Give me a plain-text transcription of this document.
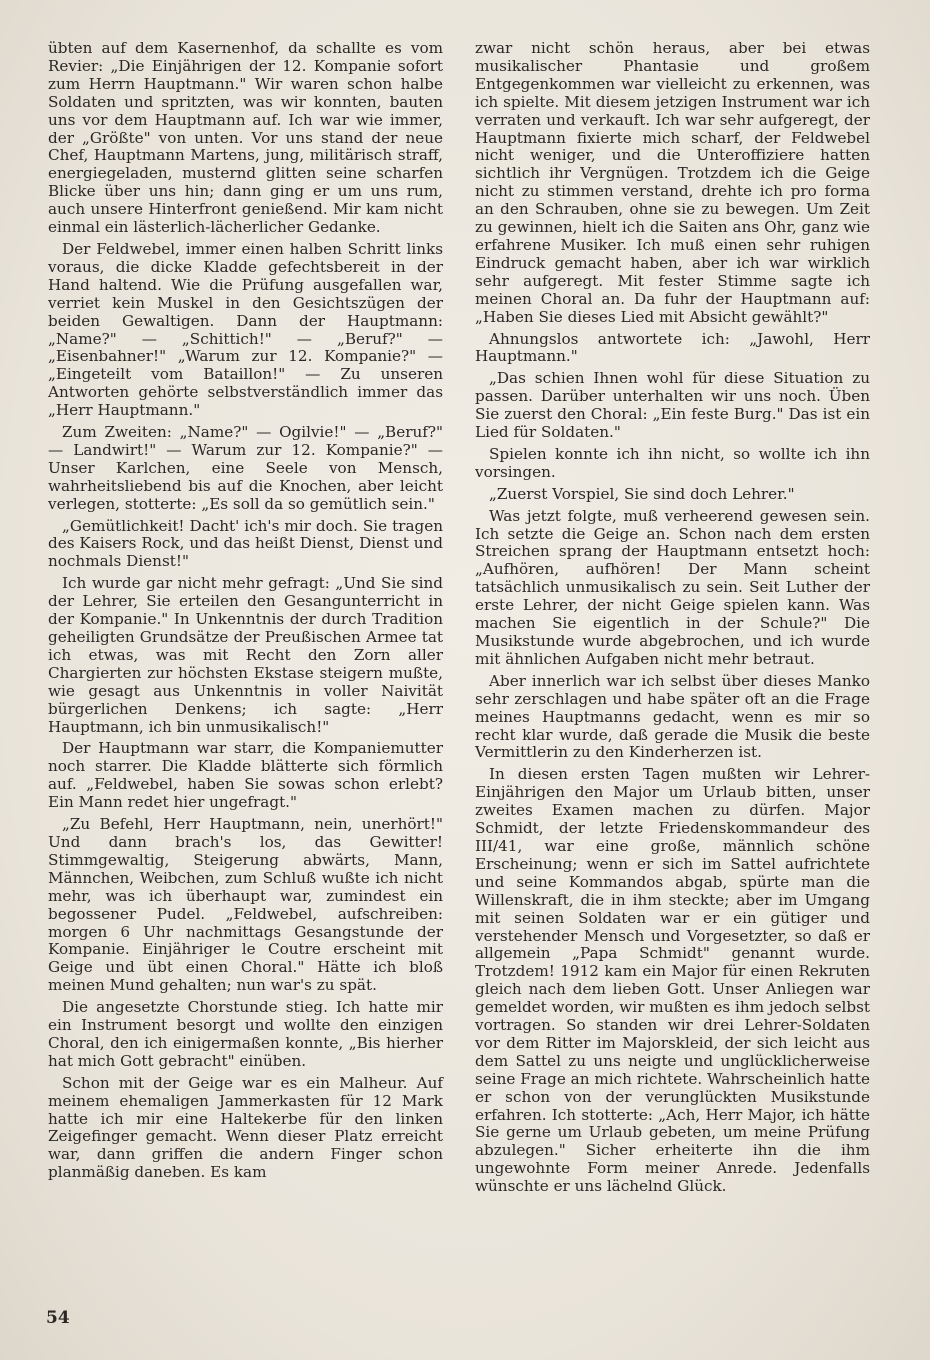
übten auf dem Kasernenhof, da schallte es vom Revier: „Die Einjährigen der 12. Kompanie sofort zum Herrn Hauptmann." Wir waren schon halbe Soldaten und spritzten, was wir konnten, bauten uns vor dem Hauptmann auf. Ich war wie immer, der „Größte" von unten. Vor uns stand der neue Chef, Hauptmann Martens, jung, militärisch straff, energiegeladen, musternd glitten seine scharfen Blicke über uns hin; dann ging er um uns rum, auch unsere Hinterfront genießend. Mir kam nicht einmal ein lästerlich-lächerlicher Gedanke.

Der Feldwebel, immer einen halben Schritt links voraus, die dicke Kladde gefechtsbereit in der Hand haltend. Wie die Prüfung ausgefallen war, verriet kein Muskel in den Gesichtszügen der beiden Gewaltigen. Dann der Hauptmann: „Name?" — „Schittich!" — „Beruf?" — „Eisenbahner!" „Warum zur 12. Kompanie?" — „Eingeteilt vom Bataillon!" — Zu unseren Antworten gehörte selbstverständlich immer das „Herr Hauptmann."

Zum Zweiten: „Name?" — Ogilvie!" — „Beruf?" — Landwirt!" — Warum zur 12. Kompanie?" — Unser Karlchen, eine Seele von Mensch, wahrheitsliebend bis auf die Knochen, aber leicht verlegen, stotterte: „Es soll da so gemütlich sein."

„Gemütlichkeit! Dacht' ich's mir doch. Sie tragen des Kaisers Rock, und das heißt Dienst, Dienst und nochmals Dienst!"

Ich wurde gar nicht mehr gefragt: „Und Sie sind der Lehrer, Sie erteilen den Gesangunterricht in der Kompanie." In Unkenntnis der durch Tradition geheiligten Grundsätze der Preußischen Armee tat ich etwas, was mit Recht den Zorn aller Chargierten zur höchsten Ekstase steigern mußte, wie gesagt aus Unkenntnis in voller Naivität bürgerlichen Denkens; ich sagte: „Herr Hauptmann, ich bin unmusikalisch!"

Der Hauptmann war starr, die Kompaniemutter noch starrer. Die Kladde blätterte sich förmlich auf. „Feldwebel, haben Sie sowas schon erlebt? Ein Mann redet hier ungefragt."

„Zu Befehl, Herr Hauptmann, nein, unerhört!" Und dann brach's los, das Gewitter! Stimmgewaltig, Steigerung abwärts, Mann, Männchen, Weibchen, zum Schluß wußte ich nicht mehr, was ich überhaupt war, zumindest ein begossener Pudel. „Feldwebel, aufschreiben: morgen 6 Uhr nachmittags Gesangstunde der Kompanie. Einjähriger le Coutre erscheint mit Geige und übt einen Choral." Hätte ich bloß meinen Mund gehalten; nun war's zu spät.

Die angesetzte Chorstunde stieg. Ich hatte mir ein Instrument besorgt und wollte den einzigen Choral, den ich einigermaßen konnte, „Bis hierher hat mich Gott gebracht" einüben.

Schon mit der Geige war es ein Malheur. Auf meinem ehemaligen Jammerkasten für 12 Mark hatte ich mir eine Haltekerbe für den linken Zeigefinger gemacht. Wenn dieser Platz erreicht war, dann griffen die andern Finger schon planmäßig daneben. Es kam

zwar nicht schön heraus, aber bei etwas musikalischer Phantasie und großem Entgegenkommen war vielleicht zu erkennen, was ich spielte. Mit diesem jetzigen Instrument war ich verraten und verkauft. Ich war sehr aufgeregt, der Hauptmann fixierte mich scharf, der Feldwebel nicht weniger, und die Unteroffiziere hatten sichtlich ihr Vergnügen. Trotzdem ich die Geige nicht zu stimmen verstand, drehte ich pro forma an den Schrauben, ohne sie zu bewegen. Um Zeit zu gewinnen, hielt ich die Saiten ans Ohr, ganz wie erfahrene Musiker. Ich muß einen sehr ruhigen Eindruck gemacht haben, aber ich war wirklich sehr aufgeregt. Mit fester Stimme sagte ich meinen Choral an. Da fuhr der Hauptmann auf: „Haben Sie dieses Lied mit Absicht gewählt?"

Ahnungslos antwortete ich: „Jawohl, Herr Hauptmann."

„Das schien Ihnen wohl für diese Situation zu passen. Darüber unterhalten wir uns noch. Üben Sie zuerst den Choral: „Ein feste Burg." Das ist ein Lied für Soldaten."

Spielen konnte ich ihn nicht, so wollte ich ihn vorsingen.

„Zuerst Vorspiel, Sie sind doch Lehrer."

Was jetzt folgte, muß verheerend gewesen sein. Ich setzte die Geige an. Schon nach dem ersten Streichen sprang der Hauptmann entsetzt hoch: „Aufhören, aufhören! Der Mann scheint tatsächlich unmusikalisch zu sein. Seit Luther der erste Lehrer, der nicht Geige spielen kann. Was machen Sie eigentlich in der Schule?" Die Musikstunde wurde abgebrochen, und ich wurde mit ähnlichen Aufgaben nicht mehr betraut.

Aber innerlich war ich selbst über dieses Manko sehr zerschlagen und habe später oft an die Frage meines Hauptmanns gedacht, wenn es mir so recht klar wurde, daß gerade die Musik die beste Vermittlerin zu den Kinderherzen ist.

In diesen ersten Tagen mußten wir Lehrer-Einjährigen den Major um Urlaub bitten, unser zweites Examen machen zu dürfen. Major Schmidt, der letzte Friedenskommandeur des III/41, war eine große, männlich schöne Erscheinung; wenn er sich im Sattel aufrichtete und seine Kommandos abgab, spürte man die Willenskraft, die in ihm steckte; aber im Umgang mit seinen Soldaten war er ein gütiger und verstehender Mensch und Vorgesetzter, so daß er allgemein „Papa Schmidt" genannt wurde. Trotzdem! 1912 kam ein Major für einen Rekruten gleich nach dem lieben Gott. Unser Anliegen war gemeldet worden, wir mußten es ihm jedoch selbst vortragen. So standen wir drei Lehrer-Soldaten vor dem Ritter im Majorskleid, der sich leicht aus dem Sattel zu uns neigte und unglücklicherweise seine Frage an mich richtete. Wahrscheinlich hatte er schon von der verunglückten Musikstunde erfahren. Ich stotterte: „Ach, Herr Major, ich hätte Sie gerne um Urlaub gebeten, um meine Prüfung abzulegen." Sicher erheiterte ihn die ihm ungewohnte Form meiner Anrede. Jedenfalls wünschte er uns lächelnd Glück.

54
